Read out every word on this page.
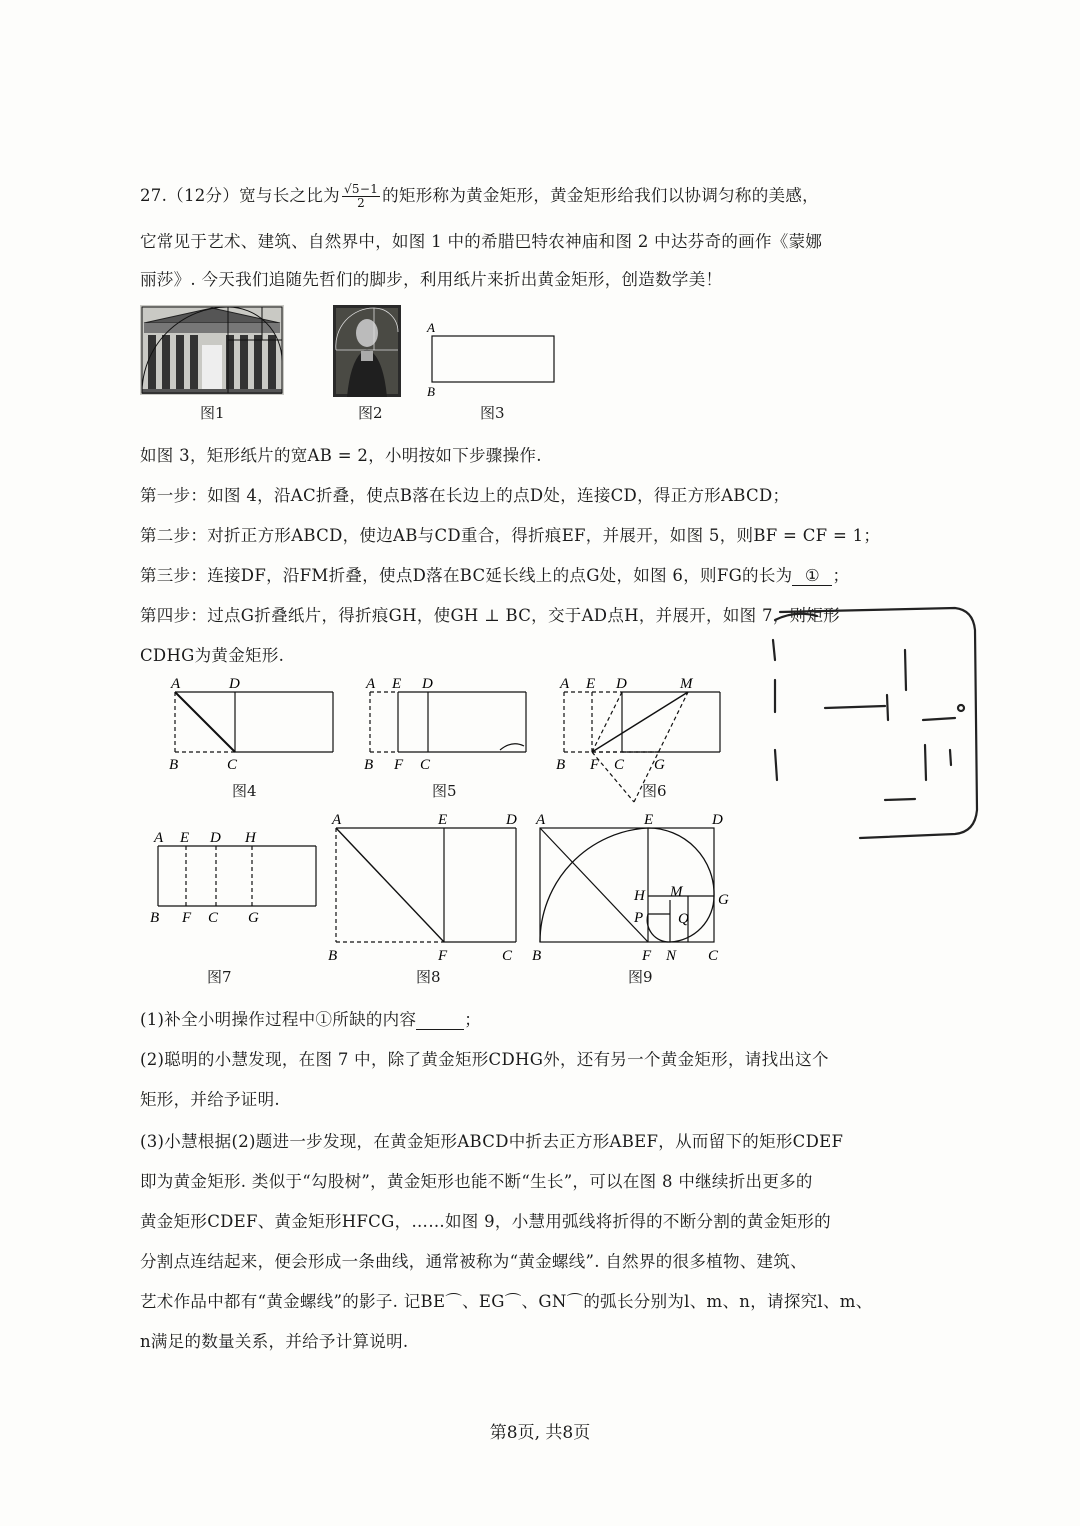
27.（12分）宽与长之比为 $\frac{√5-1}{2}$ 的矩形称为黄金矩形，黄金矩形给我们以协调匀称的美感，
它常见于艺术、建筑、自然界中，如图 1 中的希腊巴特农神庙和图 2 中达芬奇的画作《蒙娜
丽莎》. 今天我们追随先哲们的脚步，利用纸片来折出黄金矩形，创造数学美！
图1	图2
A
B
图3
如图 3，矩形纸片的宽AB = 2，小明按如下步骤操作.
第一步：如图 4，沿AC折叠，使点B落在长边上的点D处，连接CD，得正方形ABCD；
第二步：对折正方形ABCD，使边AB与CD重合，得折痕EF，并展开，如图 5，则BF = CF = 1；
第三步：连接DF，沿FM折叠，使点D落在BC延长线上的点G处，如图 6，则FG的长为 ① ；
第四步：过点G折叠纸片，得折痕GH，使GH ⊥ BC，交于AD点H，并展开，如图 7，则矩形
CDHG为黄金矩形.
A	D
B	C
图4
A E D
B F C
图5
A E D	M
B F C G
图6
A E D H
B F C G
图7
A	E	D
B	F	C
图8
A	E	D
H M G
P Q
B	F N C
图9
(1)补全小明操作过程中①所缺的内容	；
(2)聪明的小慧发现，在图 7 中，除了黄金矩形CDHG外，还有另一个黄金矩形，请找出这个
矩形，并给予证明.
(3)小慧根据(2)题进一步发现，在黄金矩形ABCD中折去正方形ABEF，从而留下的矩形CDEF
即为黄金矩形. 类似于“勾股树”，黄金矩形也能不断“生长”，可以在图 8 中继续折出更多的
黄金矩形CDEF、黄金矩形HFCG，……如图 9，小慧用弧线将折得的不断分割的黄金矩形的
分割点连结起来，便会形成一条曲线，通常被称为“黄金螺线”. 自然界的很多植物、建筑、
艺术作品中都有“黄金螺线”的影子. 记BE⌒、EG⌒、GN⌒的弧长分别为l、m、n，请探究l、m、
n满足的数量关系，并给予计算说明.
第8页, 共8页
